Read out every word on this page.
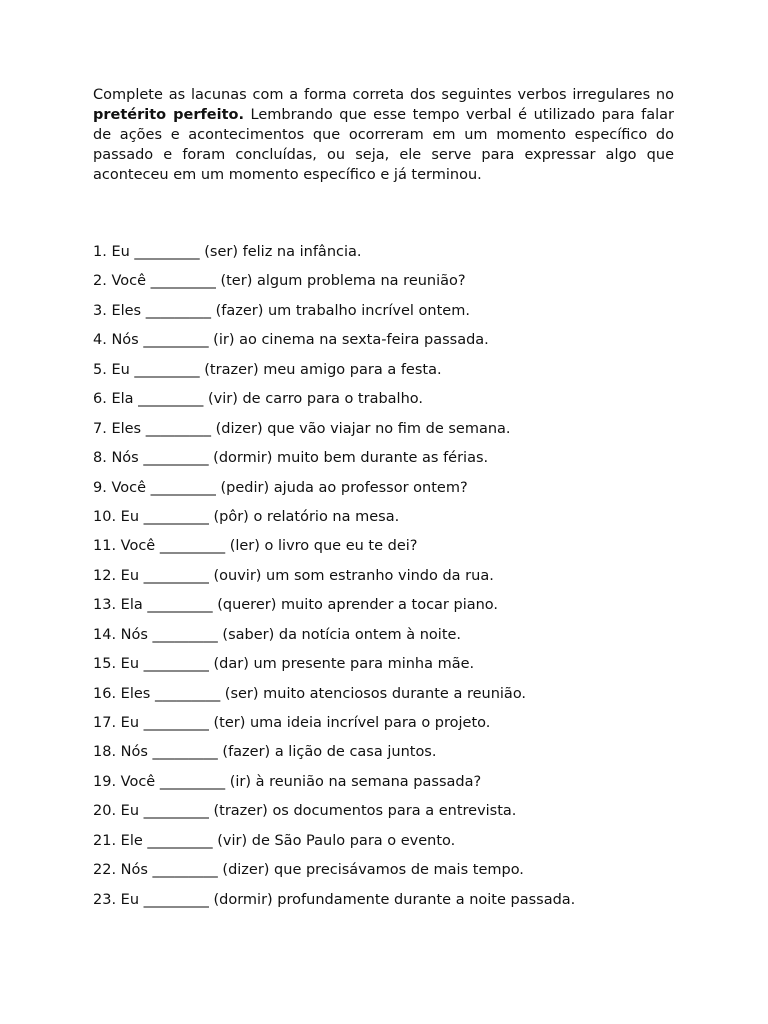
Complete as lacunas com a forma correta dos seguintes verbos irregulares no pretérito perfeito. Lembrando que esse tempo verbal é utilizado para falar de ações e acontecimentos que ocorreram em um momento específico do passado e foram concluídas, ou seja, ele serve para expressar algo que aconteceu em um momento específico e já terminou.

1. Eu _________ (ser) feliz na infância.
2. Você _________ (ter) algum problema na reunião?
3. Eles _________ (fazer) um trabalho incrível ontem.
4. Nós _________ (ir) ao cinema na sexta-feira passada.
5. Eu _________ (trazer) meu amigo para a festa.
6. Ela _________ (vir) de carro para o trabalho.
7. Eles _________ (dizer) que vão viajar no fim de semana.
8. Nós _________ (dormir) muito bem durante as férias.
9. Você _________ (pedir) ajuda ao professor ontem?
10. Eu _________ (pôr) o relatório na mesa.
11. Você _________ (ler) o livro que eu te dei?
12. Eu _________ (ouvir) um som estranho vindo da rua.
13. Ela _________ (querer) muito aprender a tocar piano.
14. Nós _________ (saber) da notícia ontem à noite.
15. Eu _________ (dar) um presente para minha mãe.
16. Eles _________ (ser) muito atenciosos durante a reunião.
17. Eu _________ (ter) uma ideia incrível para o projeto.
18. Nós _________ (fazer) a lição de casa juntos.
19. Você _________ (ir) à reunião na semana passada?
20. Eu _________ (trazer) os documentos para a entrevista.
21. Ele _________ (vir) de São Paulo para o evento.
22. Nós _________ (dizer) que precisávamos de mais tempo.
23. Eu _________ (dormir) profundamente durante a noite passada.
